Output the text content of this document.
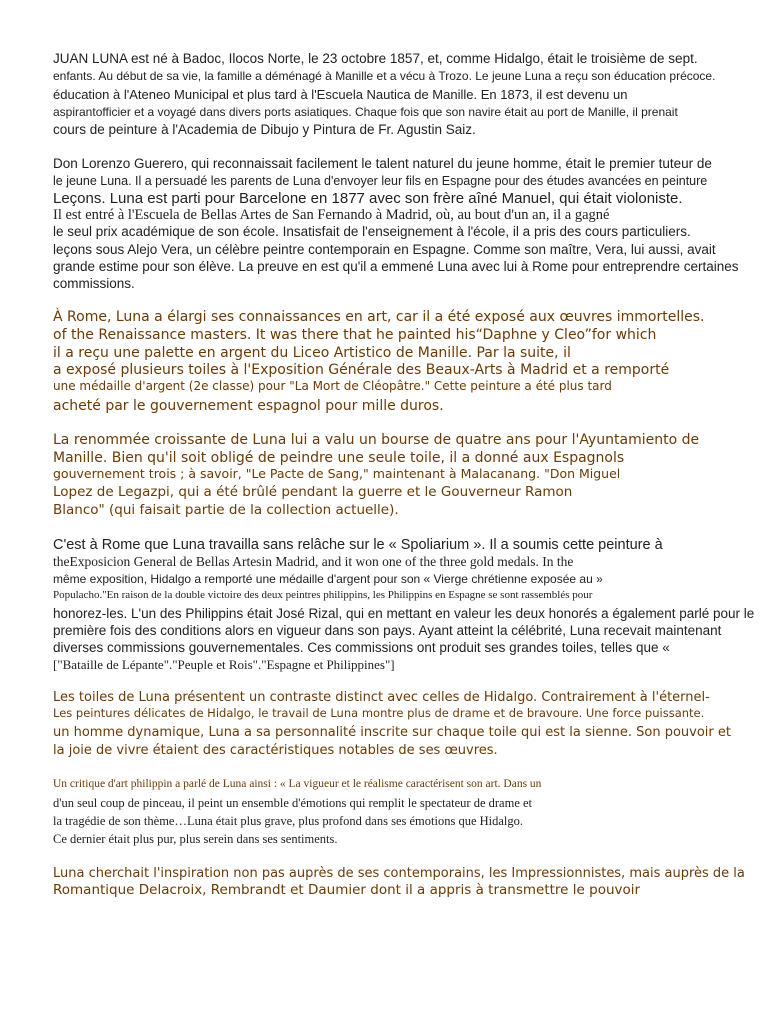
JUAN LUNA est né à Badoc, Ilocos Norte, le 23 octobre 1857, et, comme Hidalgo, était le troisième de sept.

enfants. Au début de sa vie, la famille a déménagé à Manille et a vécu à Trozo. Le jeune Luna a reçu son éducation précoce.

éducation à l'Ateneo Municipal et plus tard à l'Escuela Nautica de Manille. En 1873, il est devenu un

aspirantofficier et a voyagé dans divers ports asiatiques. Chaque fois que son navire était au port de Manille, il prenait

cours de peinture à l'Academia de Dibujo y Pintura de Fr. Agustin Saiz.

Don Lorenzo Guerero, qui reconnaissait facilement le talent naturel du jeune homme, était le premier tuteur de

le jeune Luna. Il a persuadé les parents de Luna d'envoyer leur fils en Espagne pour des études avancées en peinture

Leçons. Luna est parti pour Barcelone en 1877 avec son frère aîné Manuel, qui était violoniste.

Il est entré à l'Escuela de Bellas Artes de San Fernando à Madrid, où, au bout d'un an, il a gagné

le seul prix académique de son école. Insatisfait de l'enseignement à l'école, il a pris des cours particuliers.

leçons sous Alejo Vera, un célèbre peintre contemporain en Espagne. Comme son maître, Vera, lui aussi, avait

grande estime pour son élève. La preuve en est qu'il a emmené Luna avec lui à Rome pour entreprendre certaines

commissions.

À Rome, Luna a élargi ses connaissances en art, car il a été exposé aux œuvres immortelles.

of the Renaissance masters. It was there that he painted his“Daphne y Cleo”for which

il a reçu une palette en argent du Liceo Artistico de Manille. Par la suite, il

a exposé plusieurs toiles à l'Exposition Générale des Beaux-Arts à Madrid et a remporté

une médaille d'argent (2e classe) pour "La Mort de Cléopâtre." Cette peinture a été plus tard

acheté par le gouvernement espagnol pour mille duros.

La renommée croissante de Luna lui a valu un bourse de quatre ans pour l'Ayuntamiento de

Manille. Bien qu'il soit obligé de peindre une seule toile, il a donné aux Espagnols

gouvernement trois ; à savoir, "Le Pacte de Sang," maintenant à Malacanang. "Don Miguel

Lopez de Legazpi, qui a été brûlé pendant la guerre et le Gouverneur Ramon

Blanco" (qui faisait partie de la collection actuelle).

C'est à Rome que Luna travailla sans relâche sur le « Spoliarium ». Il a soumis cette peinture à

theExposicion General de Bellas Artesin Madrid, and it won one of the three gold medals. In the

même exposition, Hidalgo a remporté une médaille d'argent pour son « Vierge chrétienne exposée au »

Populacho."En raison de la double victoire des deux peintres philippins, les Philippins en Espagne se sont rassemblés pour

honorez-les. L'un des Philippins était José Rizal, qui en mettant en valeur les deux honorés a également parlé pour le

première fois des conditions alors en vigueur dans son pays. Ayant atteint la célébrité, Luna recevait maintenant

diverses commissions gouvernementales. Ces commissions ont produit ses grandes toiles, telles que «

["Bataille de Lépante"."Peuple et Rois"."Espagne et Philippines"]

Les toiles de Luna présentent un contraste distinct avec celles de Hidalgo. Contrairement à l'éternel-

Les peintures délicates de Hidalgo, le travail de Luna montre plus de drame et de bravoure. Une force puissante.

un homme dynamique, Luna a sa personnalité inscrite sur chaque toile qui est la sienne. Son pouvoir et

la joie de vivre étaient des caractéristiques notables de ses œuvres.

Un critique d'art philippin a parlé de Luna ainsi : « La vigueur et le réalisme caractérisent son art. Dans un

d'un seul coup de pinceau, il peint un ensemble d'émotions qui remplit le spectateur de drame et

la tragédie de son thème…Luna était plus grave, plus profond dans ses émotions que Hidalgo.

Ce dernier était plus pur, plus serein dans ses sentiments.

Luna cherchait l'inspiration non pas auprès de ses contemporains, les Impressionnistes, mais auprès de la

Romantique Delacroix, Rembrandt et Daumier dont il a appris à transmettre le pouvoir
